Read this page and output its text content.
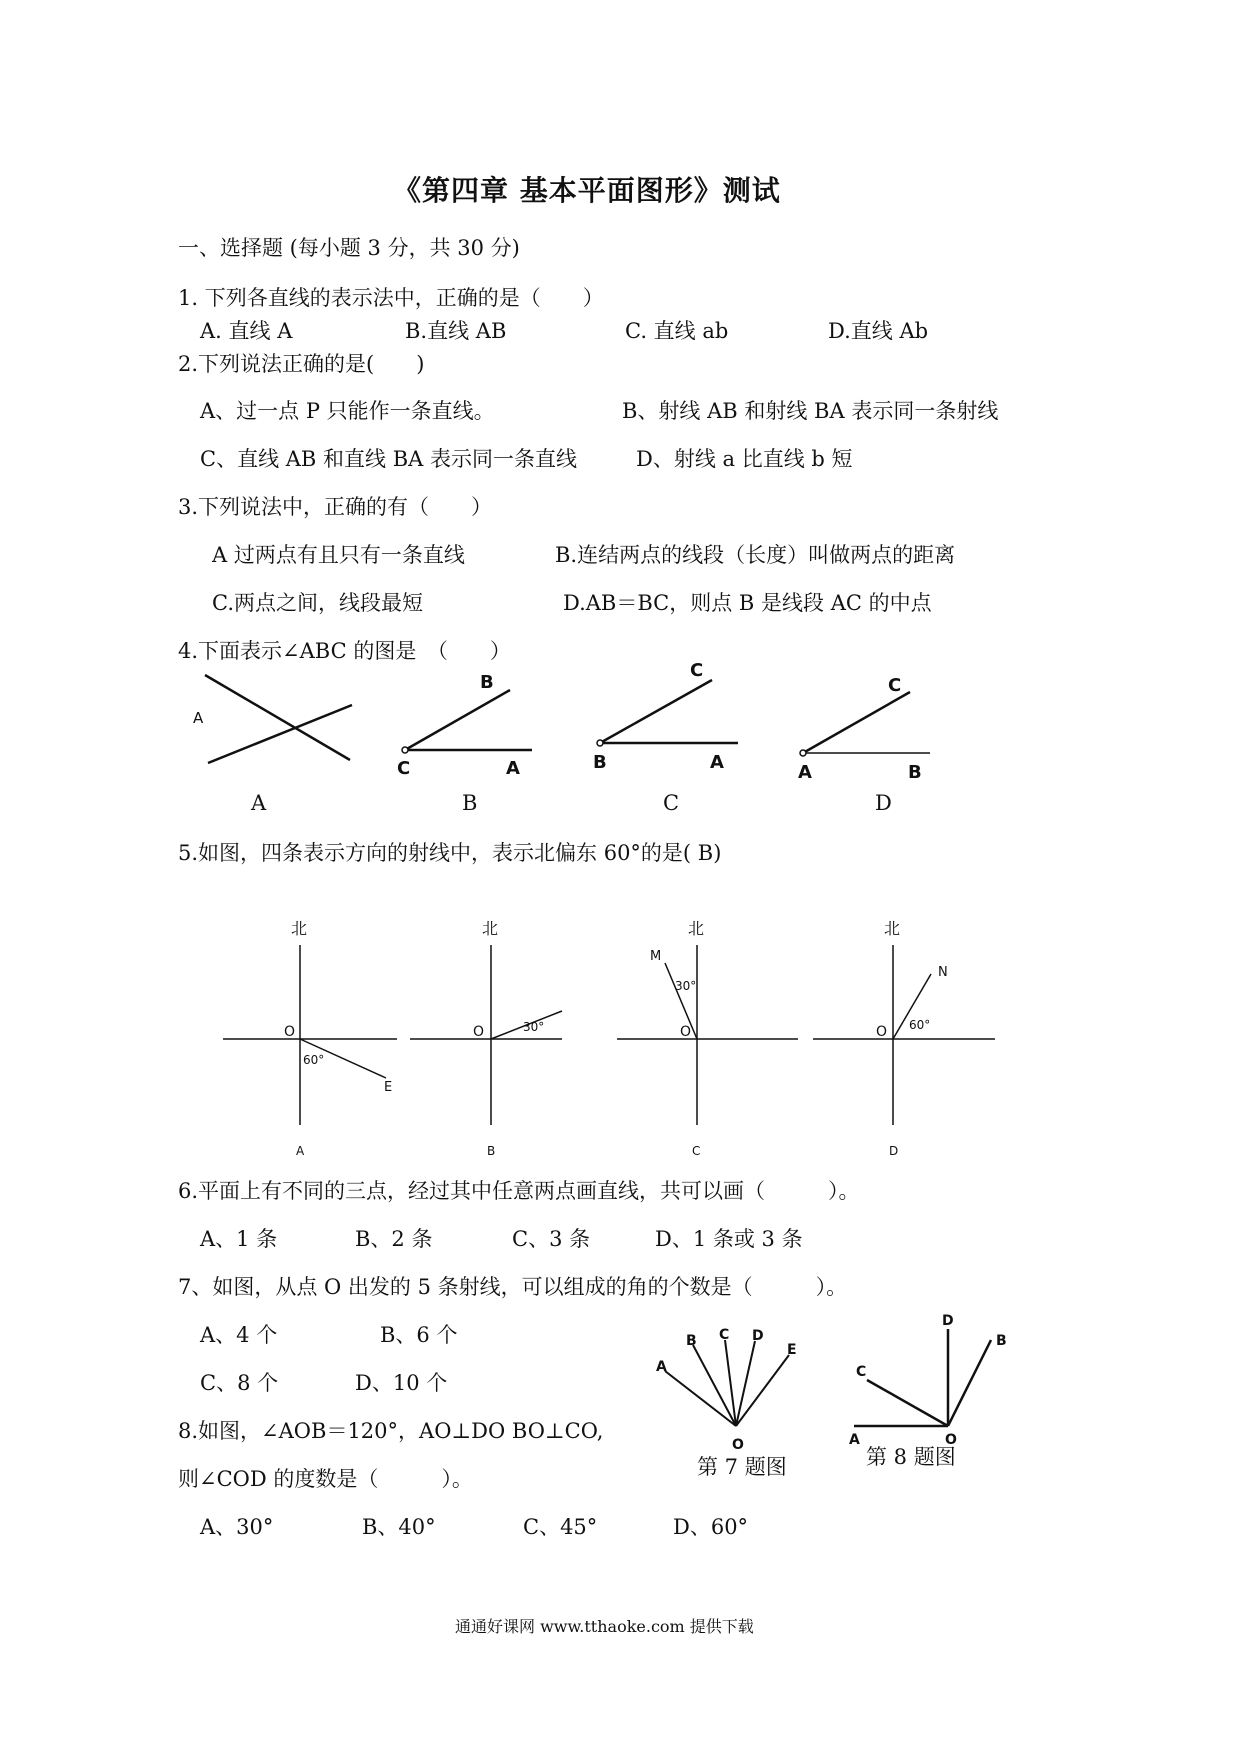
《第四章 基本平面图形》测试
一、选择题 (每小题 3 分，共 30 分)
1. 下列各直线的表示法中，正确的是（　　）
A. 直线 A	B.直线 AB	C. 直线 ab	D.直线 Ab
2.下列说法正确的是(　　)
A、过一点 P 只能作一条直线。	B、射线 AB 和射线 BA 表示同一条射线
C、直线 AB 和直线 BA 表示同一条直线	D、射线 a 比直线 b 短
3.下列说法中，正确的有（　　）
A 过两点有且只有一条直线	B.连结两点的线段（长度）叫做两点的距离
C.两点之间，线段最短	D.AB＝BC，则点 B 是线段 AC 的中点
4.下面表示∠ABC 的图是　（　　）
A
B
C	A
C
B	A
C
A	B
北
O
60°
E
北
O	30°
北
O
30°
M
北
O 60°
N
A
B C D
E
O	A
B
C
D
O
A	B	C	D
5.如图，四条表示方向的射线中，表示北偏东 60°的是( B)
A	B	C	D
6.平面上有不同的三点，经过其中任意两点画直线，共可以画（　　　）。
A、1 条	B、2 条	C、3 条	D、1 条或 3 条
7、如图，从点 O 出发的 5 条射线，可以组成的角的个数是（　　　）。
A、4 个	B、6 个
C、8 个	D、10 个
第 7 题图
8.如图，∠AOB＝120°，AO⊥DO BO⊥CO,
第 8 题图
则∠COD 的度数是（　　　）。
A、30°	B、40°	C、45°	D、60°
通通好课网 www.tthaoke.com 提供下载
